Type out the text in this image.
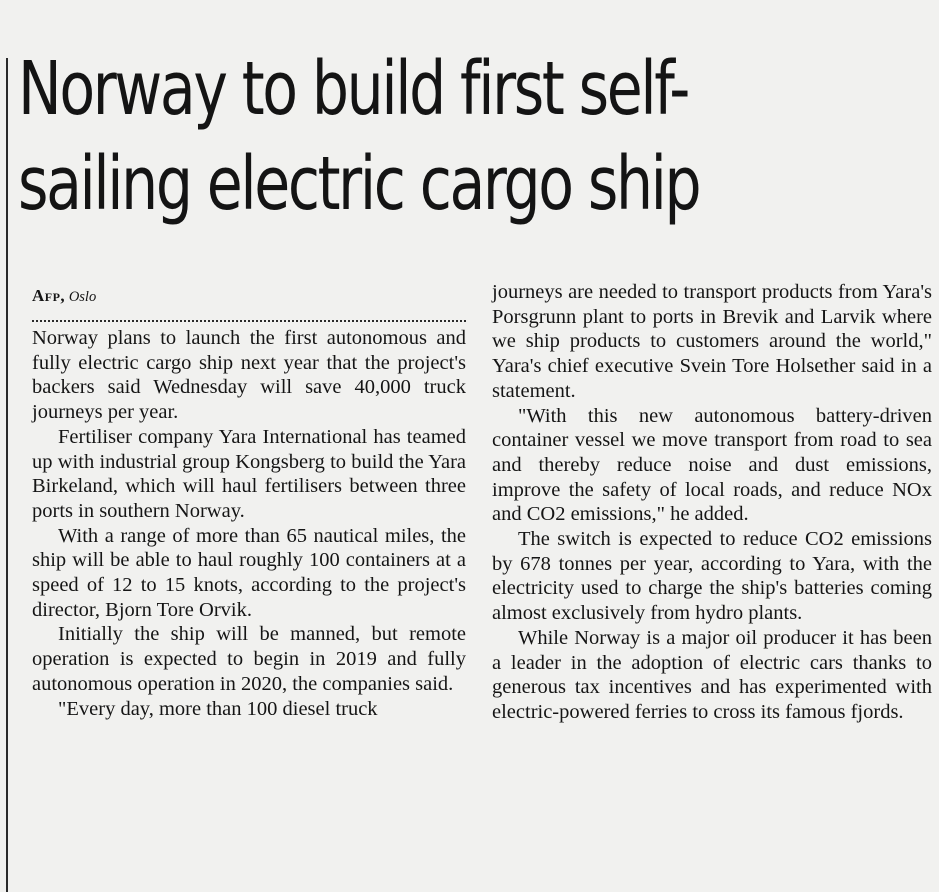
Norway to build first self-
sailing electric cargo ship
Afp, Oslo

Norway plans to launch the first autonomous and fully electric cargo ship next year that the project's backers said Wednesday will save 40,000 truck journeys per year.

Fertiliser company Yara International has teamed up with industrial group Kongsberg to build the Yara Birkeland, which will haul fertilisers between three ports in southern Norway.

With a range of more than 65 nautical miles, the ship will be able to haul roughly 100 containers at a speed of 12 to 15 knots, according to the project's director, Bjorn Tore Orvik.

Initially the ship will be manned, but remote operation is expected to begin in 2019 and fully autonomous operation in 2020, the companies said.

"Every day, more than 100 diesel truck

journeys are needed to transport products from Yara's Porsgrunn plant to ports in Brevik and Larvik where we ship products to customers around the world," Yara's chief executive Svein Tore Holsether said in a statement.

"With this new autonomous battery-driven container vessel we move transport from road to sea and thereby reduce noise and dust emissions, improve the safety of local roads, and reduce NOx and CO2 emissions," he added.

The switch is expected to reduce CO2 emissions by 678 tonnes per year, according to Yara, with the electricity used to charge the ship's batteries coming almost exclusively from hydro plants.

While Norway is a major oil producer it has been a leader in the adoption of electric cars thanks to generous tax incentives and has experimented with electric-powered ferries to cross its famous fjords.
